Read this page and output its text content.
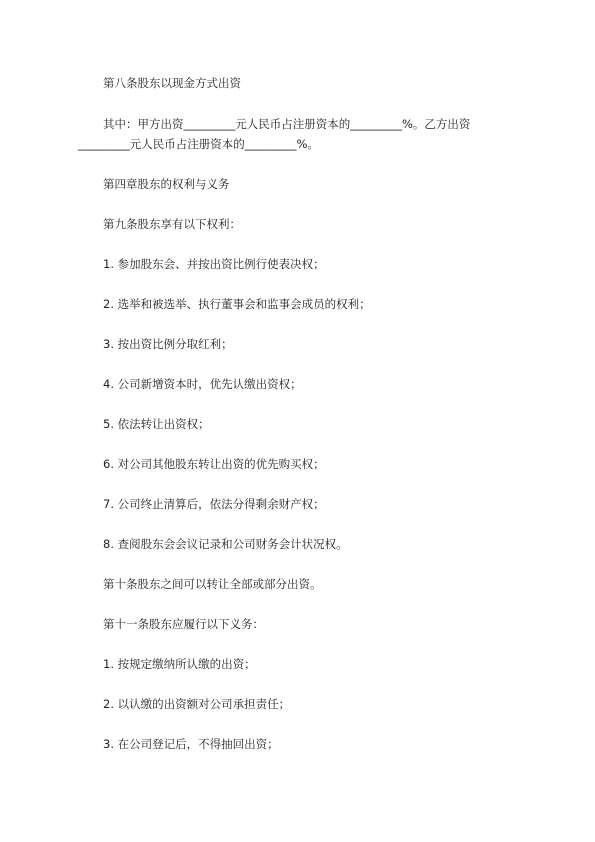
第八条股东以现金方式出资
其中：甲方出资_________元人民币占注册资本的_________%。乙方出资
_________元人民币占注册资本的_________%。
第四章股东的权利与义务
第九条股东享有以下权利：
1. 参加股东会、并按出资比例行使表决权；
2. 选举和被选举、执行董事会和监事会成员的权利；
3. 按出资比例分取红利；
4. 公司新增资本时，优先认缴出资权；
5. 依法转让出资权；
6. 对公司其他股东转让出资的优先购买权；
7. 公司终止清算后，依法分得剩余财产权；
8. 查阅股东会会议记录和公司财务会计状况权。
第十条股东之间可以转让全部或部分出资。
第十一条股东应履行以下义务：
1. 按规定缴纳所认缴的出资；
2. 以认缴的出资额对公司承担责任；
3. 在公司登记后，不得抽回出资；
